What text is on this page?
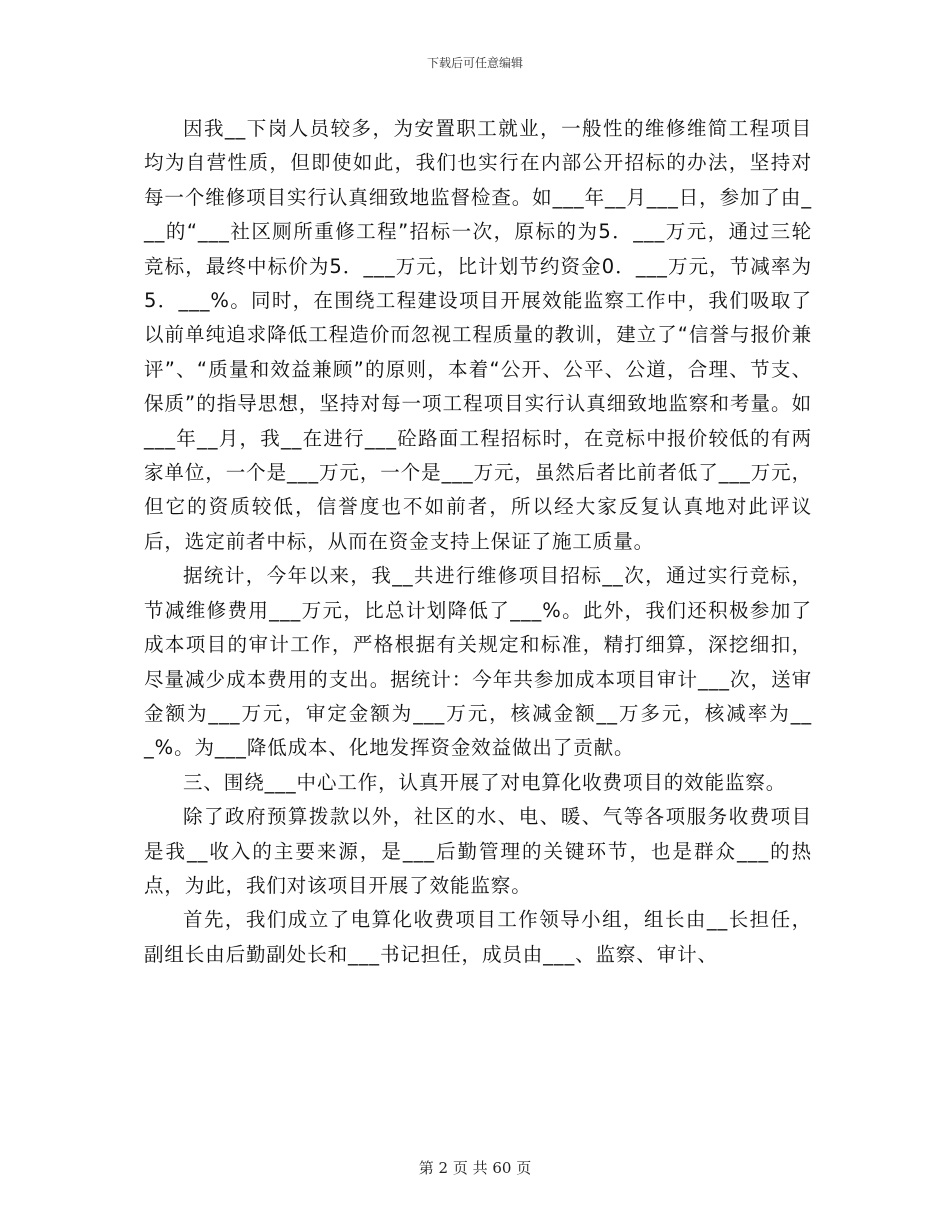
下载后可任意编辑

因我__下岗人员较多，为安置职工就业，一般性的维修维简工程项目均为自营性质，但即使如此，我们也实行在内部公开招标的办法，坚持对每一个维修项目实行认真细致地监督检查。如___年__月___日，参加了由___的“___社区厕所重修工程”招标一次，原标的为5．___万元，通过三轮竞标，最终中标价为5．___万元，比计划节约资金0．___万元，节减率为5．___%。同时，在围绕工程建设项目开展效能监察工作中，我们吸取了以前单纯追求降低工程造价而忽视工程质量的教训，建立了“信誉与报价兼评”、“质量和效益兼顾”的原则，本着“公开、公平、公道，合理、节支、保质”的指导思想，坚持对每一项工程项目实行认真细致地监察和考量。如___年__月，我__在进行___砼路面工程招标时，在竞标中报价较低的有两家单位，一个是___万元，一个是___万元，虽然后者比前者低了___万元，但它的资质较低，信誉度也不如前者，所以经大家反复认真地对此评议后，选定前者中标，从而在资金支持上保证了施工质量。

据统计，今年以来，我__共进行维修项目招标__次，通过实行竞标，节减维修费用___万元，比总计划降低了___%。此外，我们还积极参加了成本项目的审计工作，严格根据有关规定和标准，精打细算，深挖细扣，尽量减少成本费用的支出。据统计：今年共参加成本项目审计___次，送审金额为___万元，审定金额为___万元，核减金额__万多元，核减率为___%。为___降低成本、化地发挥资金效益做出了贡献。

三、围绕___中心工作，认真开展了对电算化收费项目的效能监察。

除了政府预算拨款以外，社区的水、电、暖、气等各项服务收费项目是我__收入的主要来源，是___后勤管理的关键环节，也是群众___的热点，为此，我们对该项目开展了效能监察。

首先，我们成立了电算化收费项目工作领导小组，组长由__长担任，副组长由后勤副处长和___书记担任，成员由___、监察、审计、

第 2 页 共 60 页
